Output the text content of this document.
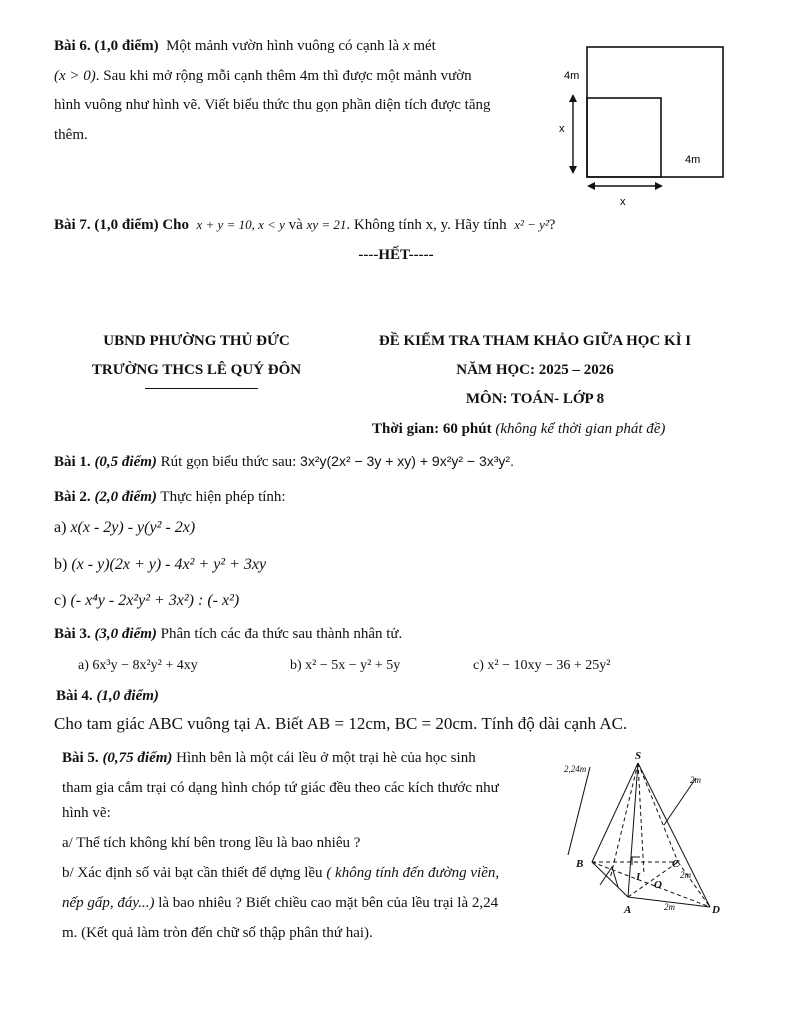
Bài 6. (1,0 điểm) Một mảnh vườn hình vuông có cạnh là x mét
(x > 0). Sau khi mở rộng mỗi cạnh thêm 4m thì được một mảnh vườn
hình vuông như hình vẽ. Viết biểu thức thu gọn phần diện tích được tăng
thêm.
4m
4m
x
x
Bài 7. (1,0 điểm) Cho x + y = 10, x < y và xy = 21. Không tính x, y. Hãy tính x² − y²?
----HẾT-----
UBND PHƯỜNG THỦ ĐỨC
TRƯỜNG THCS LÊ QUÝ ĐÔN
ĐỀ KIỂM TRA THAM KHẢO GIỮA HỌC KÌ I
NĂM HỌC: 2025 – 2026
MÔN: TOÁN- LỚP 8
Thời gian: 60 phút (không kể thời gian phát đề)
Bài 1. (0,5 điểm) Rút gọn biểu thức sau: 3x²y(2x² − 3y + xy) + 9x²y² − 3x³y².
Bài 2. (2,0 điểm) Thực hiện phép tính:
a) x(x - 2y) - y(y² - 2x)
b) (x - y)(2x + y) - 4x² + y² + 3xy
c) (- x⁴y - 2x²y² + 3x²) : (- x²)
Bài 3. (3,0 điểm) Phân tích các đa thức sau thành nhân tử.
a) 6x³y − 8x²y² + 4xy	b) x² − 5x − y² + 5y	c) x² − 10xy − 36 + 25y²
Bài 4. (1,0 điểm)
Cho tam giác ABC vuông tại A. Biết AB = 12cm, BC = 20cm. Tính độ dài cạnh AC.
Bài 5. (0,75 điểm) Hình bên là một cái lều ở một trại hè của học sinh
tham gia cắm trại có dạng hình chóp tứ giác đều theo các kích thước như
hình vẽ:
a/ Thể tích không khí bên trong lều là bao nhiêu ?
b/ Xác định số vải bạt cần thiết để dựng lều ( không tính đến đường viền,
nếp gấp, đáy...) là bao nhiêu ? Biết chiều cao mặt bên của lều trại là 2,24
m. (Kết quả làm tròn đến chữ số thập phân thứ hai).
S
B	C
A	D
I
O
2,24m
2m
2m
2m
